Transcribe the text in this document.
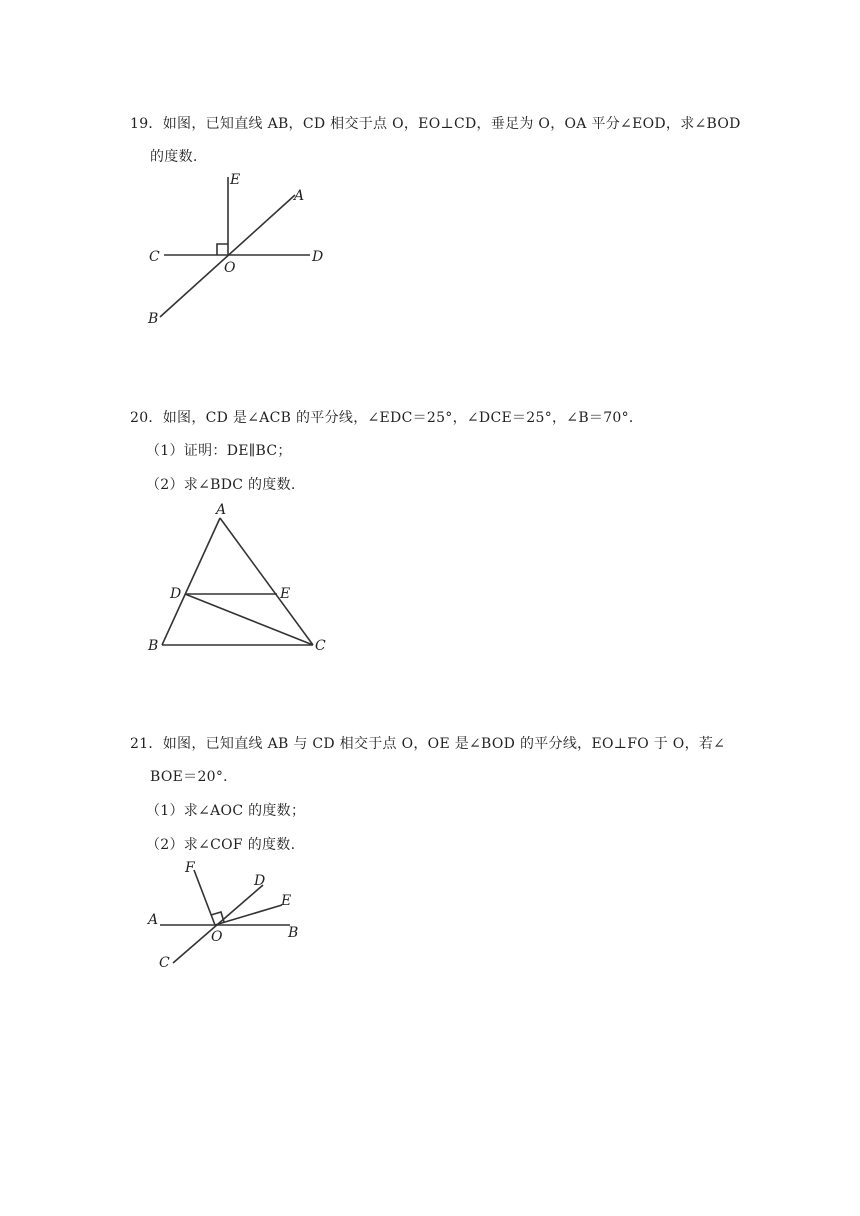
19．如图，已知直线 AB，CD 相交于点 O，EO⊥CD，垂足为 O，OA 平分∠EOD，求∠BOD
的度数.
E
A
C
O
D
B
20．如图，CD 是∠ACB 的平分线，∠EDC＝25°，∠DCE＝25°，∠B＝70°．
（1）证明：DE∥BC；
（2）求∠BDC 的度数.
A
D	E
B	C
21．如图，已知直线 AB 与 CD 相交于点 O，OE 是∠BOD 的平分线，EO⊥FO 于 O，若∠
BOE＝20°．
（1）求∠AOC 的度数；
（2）求∠COF 的度数.
F
D
E
A
O	B
C
